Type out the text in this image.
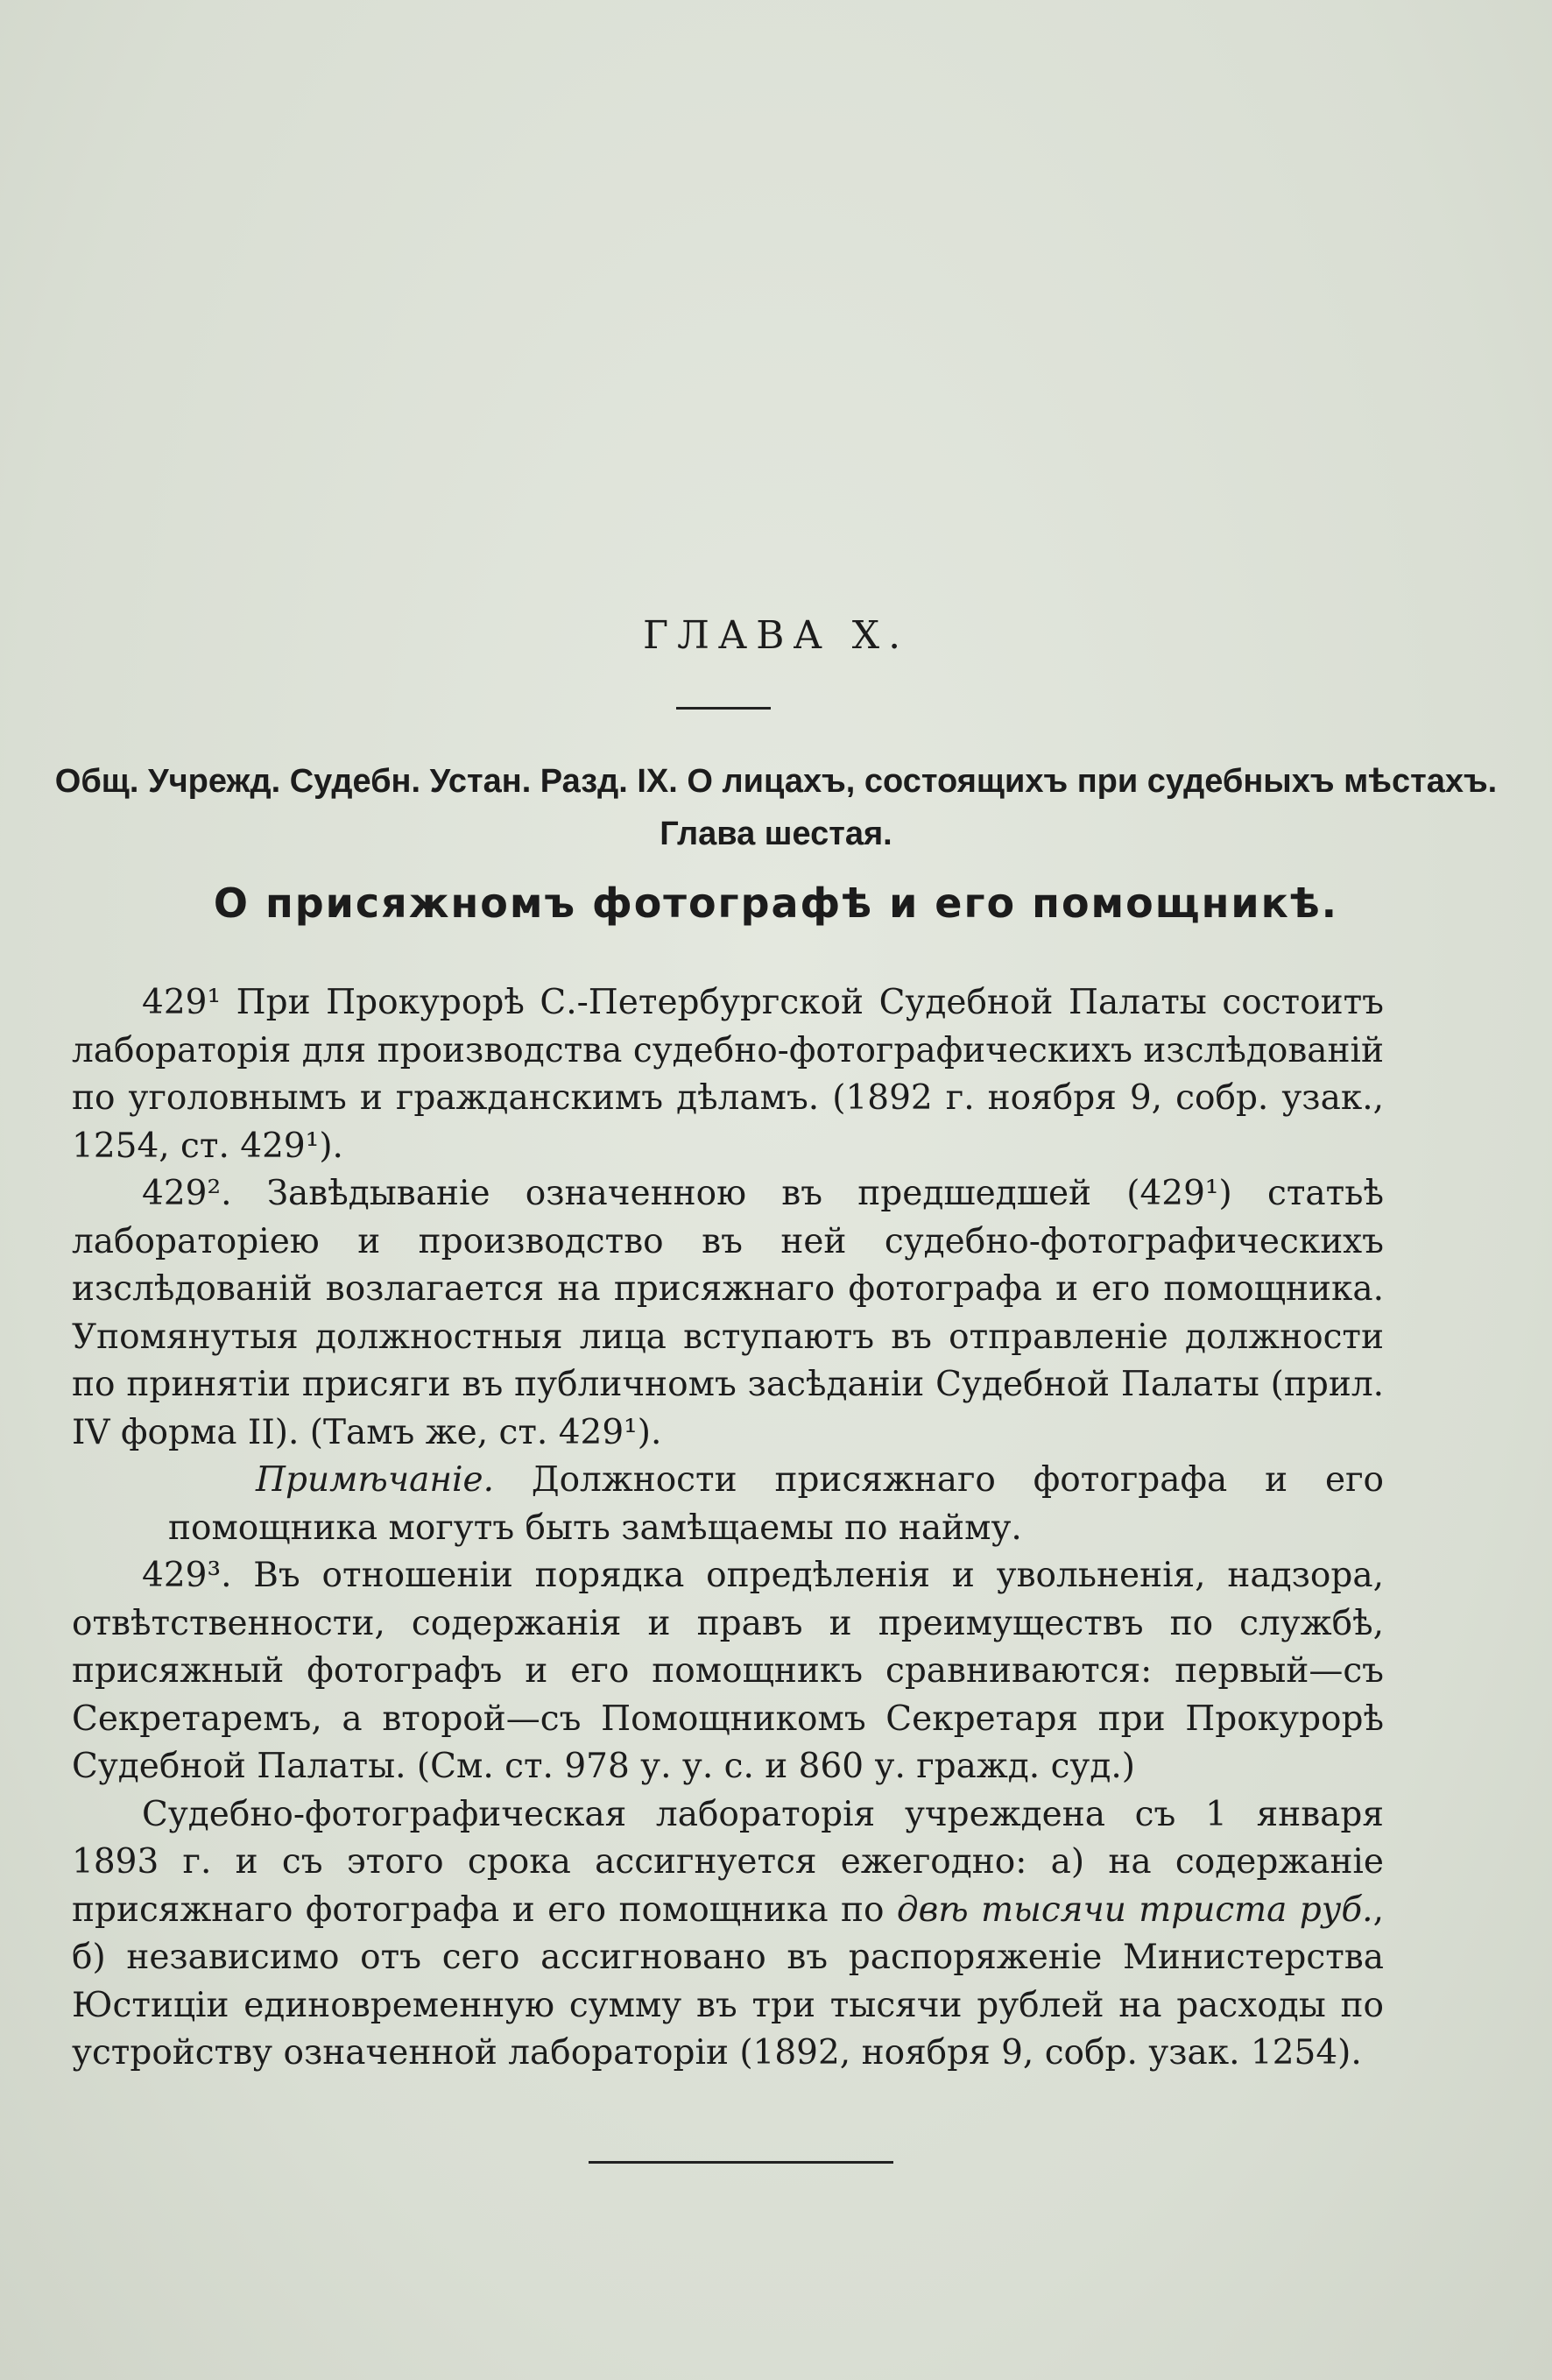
ГЛАВА X.
Общ. Учрежд. Судебн. Устан. Разд. IX. О лицахъ, состоящихъ при судебныхъ мѣстахъ.
Глава шестая.
О присяжномъ фотографѣ и его помощникѣ.

429¹ При Прокурорѣ С.-Петербургской Судебной Палаты состоитъ лабораторія для производства судебно-фотографическихъ изслѣдованій по уголовнымъ и гражданскимъ дѣламъ. (1892 г. ноября 9, собр. узак., 1254, ст. 429¹).

429². Завѣдываніе означенною въ предшедшей (429¹) статьѣ лабораторіею и производство въ ней судебно-фотографическихъ изслѣдованій возлагается на присяжнаго фотографа и его помощника. Упомянутыя должностныя лица вступаютъ въ отправленіе должности по принятіи присяги въ публичномъ засѣданіи Судебной Палаты (прил. IV форма II). (Тамъ же, ст. 429¹).

Примѣчаніе. Должности присяжнаго фотографа и его помощника могутъ быть замѣщаемы по найму.

429³. Въ отношеніи порядка опредѣленія и увольненія, надзора, отвѣтственности, содержанія и правъ и преимуществъ по службѣ, присяжный фотографъ и его помощникъ сравниваются: первый—съ Секретаремъ, а второй—съ Помощникомъ Секретаря при Прокурорѣ Судебной Палаты. (См. ст. 978 у. у. с. и 860 у. гражд. суд.)

Судебно-фотографическая лабораторія учреждена съ 1 января 1893 г. и съ этого срока ассигнуется ежегодно: а) на содержаніе присяжнаго фотографа и его помощника по двѣ тысячи триста руб., б) независимо отъ сего ассигновано въ распоряженіе Министерства Юстиціи единовременную сумму въ три тысячи рублей на расходы по устройству означенной лабораторіи (1892, ноября 9, собр. узак. 1254).
